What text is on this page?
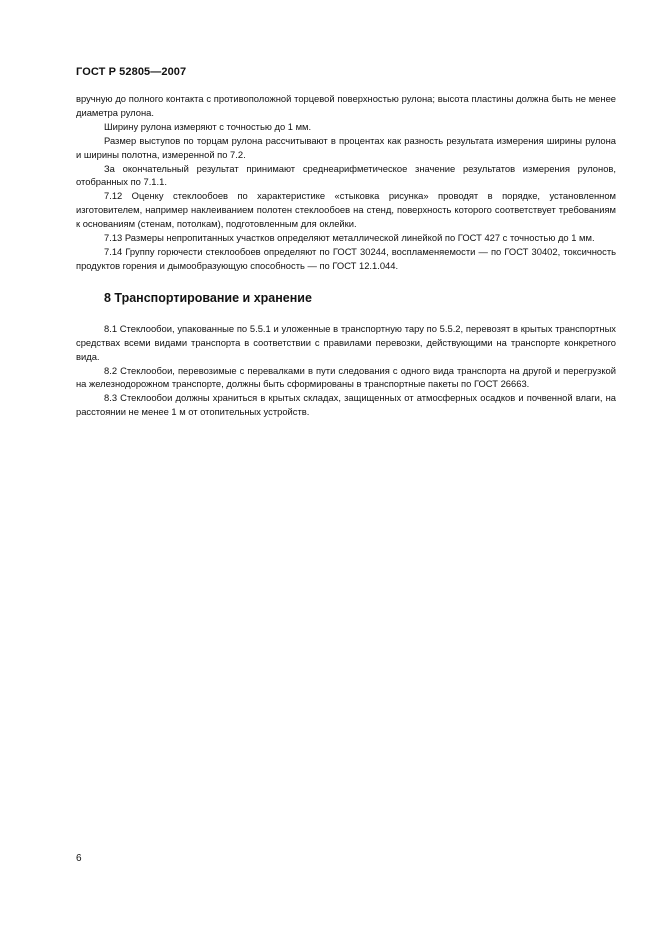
ГОСТ Р 52805—2007

вручную до полного контакта с противоположной торцевой поверхностью рулона; высота пластины должна быть не менее диаметра рулона.

Ширину рулона измеряют с точностью до 1 мм.

Размер выступов по торцам рулона рассчитывают в процентах как разность результата измерения ширины рулона и ширины полотна, измеренной по 7.2.

За окончательный результат принимают среднеарифметическое значение результатов измерения рулонов, отобранных по 7.1.1.

7.12 Оценку стеклообоев по характеристике «стыковка рисунка» проводят в порядке, установленном изготовителем, например наклеиванием полотен стеклообоев на стенд, поверхность которого соответствует требованиям к основаниям (стенам, потолкам), подготовленным для оклейки.

7.13 Размеры непропитанных участков определяют металлической линейкой по ГОСТ 427 с точностью до 1 мм.

7.14 Группу горючести стеклообоев определяют по ГОСТ 30244, воспламеняемости — по ГОСТ 30402, токсичность продуктов горения и дымообразующую способность — по ГОСТ 12.1.044.

8 Транспортирование и хранение

8.1 Стеклообои, упакованные по 5.5.1 и уложенные в транспортную тару по 5.5.2, перевозят в крытых транспортных средствах всеми видами транспорта в соответствии с правилами перевозки, действующими на транспорте конкретного вида.

8.2 Стеклообои, перевозимые с перевалками в пути следования с одного вида транспорта на другой и перегрузкой на железнодорожном транспорте, должны быть сформированы в транспортные пакеты по ГОСТ 26663.

8.3 Стеклообои должны храниться в крытых складах, защищенных от атмосферных осадков и почвенной влаги, на расстоянии не менее 1 м от отопительных устройств.

6
